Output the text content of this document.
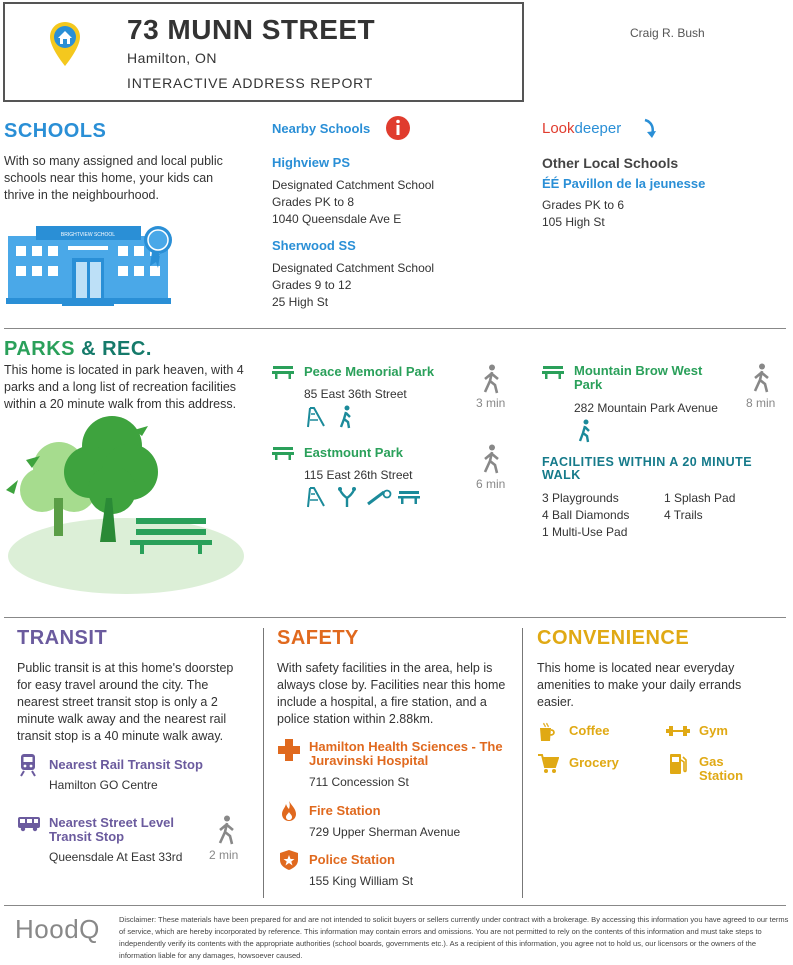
73 MUNN STREET
Hamilton, ON
INTERACTIVE ADDRESS REPORT
Craig R. Bush
SCHOOLS
With so many assigned and local public schools near this home, your kids can thrive in the neighbourhood.
BRIGHTVIEW SCHOOL
Nearby Schools
Highview PS
Designated Catchment School
Grades PK to 8
1040 Queensdale Ave E
Sherwood SS
Designated Catchment School
Grades 9 to 12
25 High St
Lookdeeper
Other Local Schools
ÉÉ Pavillon de la jeunesse
Grades PK to 6
105 High St
PARKS & REC.
This home is located in park heaven, with 4 parks and a long list of recreation facilities within a 20 minute walk from this address.
Peace Memorial Park
85 East 36th Street
3 min
Eastmount Park
115 East 26th Street
6 min
Mountain Brow West Park
282 Mountain Park Avenue 8 min
FACILITIES WITHIN A 20 MINUTE WALK
3 Playgrounds	1 Splash Pad
4 Ball Diamonds	4 Trails
1 Multi-Use Pad
TRANSIT
Public transit is at this home's doorstep for easy travel around the city. The nearest street transit stop is only a 2 minute walk away and the nearest rail transit stop is a 40 minute walk away.
Nearest Rail Transit Stop
Hamilton GO Centre
Nearest Street Level Transit Stop
Queensdale At East 33rd 2 min
SAFETY
With safety facilities in the area, help is always close by. Facilities near this home include a hospital, a fire station, and a police station within 2.88km.
Hamilton Health Sciences - The Juravinski Hospital
711 Concession St
Fire Station
729 Upper Sherman Avenue
Police Station
155 King William St
CONVENIENCE
This home is located near everyday amenities to make your daily errands easier.
Coffee	Gym
Grocery	Gas Station
HoodQ	Disclaimer: These materials have been prepared for and are not intended to solicit buyers or sellers currently under contract with a brokerage. By accessing this information you have agreed to our terms of service, which are hereby incorporated by reference. This information may contain errors and omissions. You are not permitted to rely on the contents of this information and must take steps to independently verify its contents with the appropriate authorities (school boards, governments etc.). As a recipient of this information, you agree not to hold us, our licensors or the owners of the information liable for any damages, howsoever caused.
